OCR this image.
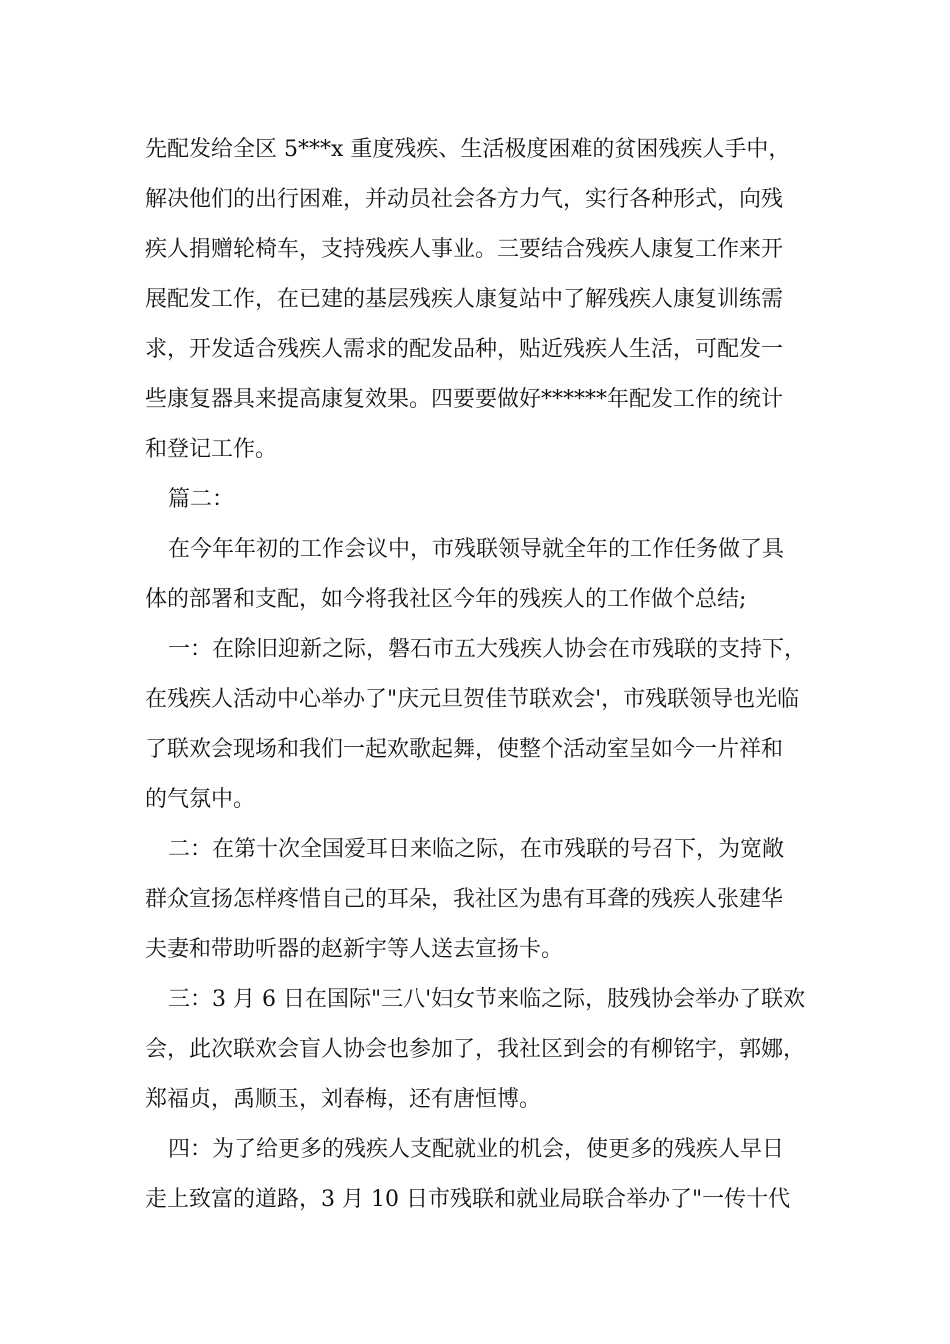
先配发给全区 5***x 重度残疾、生活极度困难的贫困残疾人手中，
解决他们的出行困难，并动员社会各方力气，实行各种形式，向残
疾人捐赠轮椅车，支持残疾人事业。三要结合残疾人康复工作来开
展配发工作，在已建的基层残疾人康复站中了解残疾人康复训练需
求，开发适合残疾人需求的配发品种，贴近残疾人生活，可配发一
些康复器具来提高康复效果。四要要做好******年配发工作的统计
和登记工作。
篇二：
在今年年初的工作会议中，市残联领导就全年的工作任务做了具
体的部署和支配，如今将我社区今年的残疾人的工作做个总结;
一：在除旧迎新之际，磐石市五大残疾人协会在市残联的支持下，
在残疾人活动中心举办了"庆元旦贺佳节联欢会'，市残联领导也光临
了联欢会现场和我们一起欢歌起舞，使整个活动室呈如今一片祥和
的气氛中。
二：在第十次全国爱耳日来临之际，在市残联的号召下，为宽敞
群众宣扬怎样疼惜自己的耳朵，我社区为患有耳聋的残疾人张建华
夫妻和带助听器的赵新宇等人送去宣扬卡。
三：3 月 6 日在国际"三八'妇女节来临之际，肢残协会举办了联欢
会，此次联欢会盲人协会也参加了，我社区到会的有柳铭宇，郭娜，
郑福贞，禹顺玉，刘春梅，还有唐恒博。
四：为了给更多的残疾人支配就业的机会，使更多的残疾人早日
走上致富的道路，3 月 10 日市残联和就业局联合举办了"一传十代
